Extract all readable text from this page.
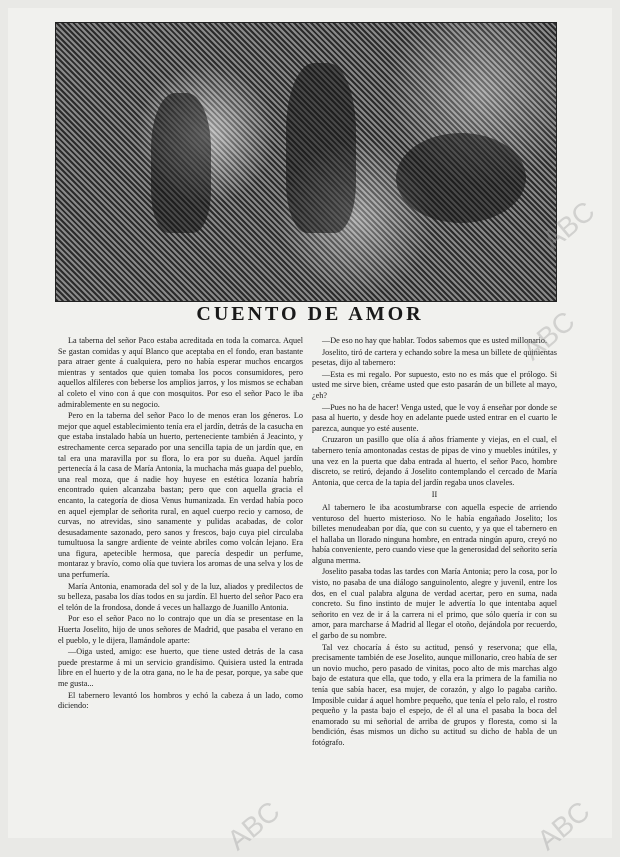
CUENTO DE AMOR

La taberna del señor Paco estaba acreditada en toda la comarca. Aquel Se gastan comidas y aquí Blanco que aceptaba en el fondo, eran bastante para atraer gente á cualquiera, pero no había esperar muchos encargos mientras y sentados que quien tomaba los pocos consumidores, pero aquellos alfileres con beberse los amplios jarros, y los mismos se echaban al coleto el vino con á que con mosquitos. Por eso el señor Paco le iba admirablemente en su negocio.

Pero en la taberna del señor Paco lo de menos eran los géneros. Lo mejor que aquel establecimiento tenía era el jardín, detrás de la casucha en que estaba instalado había un huerto, perteneciente también á Jeacinto, y estrechamente cerca separado por una sencilla tapia de un jardín que, en tal era una maravilla por su flora, lo era por su dueña. Aquel jardín pertenecía á la casa de María Antonia, la muchacha más guapa del pueblo, una real moza, que á nadie hoy huyese en estética lozanía habría encontrado quien alcanzaba bastan; pero que con aquella gracia el encanto, la categoría de diosa Venus humanizada. En verdad había poco en aquel ejemplar de señorita rural, en aquel cuerpo recio y carnoso, de curvas, no atrevidas, sino sanamente y pulidas acabadas, de color desusadamente sazonado, pero sanos y frescos, bajo cuya piel circulaba tumultuosa la sangre ardiente de veinte abriles como volcán lejano. Era una figura, apetecible hermosa, que parecía despedir un perfume, montaraz y bravío, como olía que tuviera los aromas de una selva y los de una perfumería.

María Antonia, enamorada del sol y de la luz, aliados y predilectos de su belleza, pasaba los días todos en su jardín. El huerto del señor Paco era el telón de la frondosa, donde á veces un hallazgo de Juanillo Antonia.

Por eso el señor Paco no lo contrajo que un día se presentase en la Huerta Joselito, hijo de unos señores de Madrid, que pasaba el verano en el pueblo, y le dijera, llamándole aparte:

—Oiga usted, amigo: ese huerto, que tiene usted detrás de la casa puede prestarme á mi un servicio grandísimo. Quisiera usted la entrada libre en el huerto y de la otra gana, no le ha de pesar, porque, ya sabe que me gusta...

El tabernero levantó los hombros y echó la cabeza á un lado, como diciendo:

—De eso no hay que hablar. Todos sabemos que es usted millonario.

Joselito, tiró de cartera y echando sobre la mesa un billete de quinientas pesetas, dijo al tabernero:

—Esta es mi regalo. Por supuesto, esto no es más que el prólogo. Si usted me sirve bien, créame usted que esto pasarán de un billete al mayo, ¿eh?

—Pues no ha de hacer! Venga usted, que le voy á enseñar por donde se pasa al huerto, y desde hoy en adelante puede usted entrar en el cuarto le parezca, aunque yo esté ausente.

Cruzaron un pasillo que olía á años fríamente y viejas, en el cual, el tabernero tenía amontonadas cestas de pipas de vino y muebles inútiles, y una vez en la puerta que daba entrada al huerto, el señor Paco, hombre discreto, se retiró, dejando á Joselito contemplando el cercado de María Antonia, que cerca de la tapia del jardín regaba unos claveles.

II

Al tabernero le iba acostumbrarse con aquella especie de arriendo venturoso del huerto misterioso. No le había engañado Joselito; los billetes menudeaban por día, que con su cuento, y ya que el tabernero en el hallaba un llorado ninguna hombre, en entrada ningún apuro, creyó no había conveniente, pero cuando viese que la generosidad del señorito sería alguna merma.

Joselito pasaba todas las tardes con María Antonia; pero la cosa, por lo visto, no pasaba de una diálogo sanguinolento, alegre y juvenil, entre los dos, en el cual palabra alguna de verdad acertar, pero en suma, nada concreto. Su fino instinto de mujer le advertía lo que intentaba aquel señorito en vez de ir á la carrera ni el primo, que sólo quería ir con su amor, para marcharse á Madrid al llegar el otoño, dejándola por recuerdo, el garbo de su nombre.

Tal vez chocaría á ésto su actitud, pensó y reservona; que ella, precisamente también de ese Joselito, aunque millonario, creo había de ser un novio mucho, pero pasado de vinitas, poco alto de mis marchas algo bajo de estatura que ella, que todo, y ella era la primera de la familia no tenía que sabía hacer, esa mujer, de corazón, y algo lo pagaba cariño. Imposible cuidar á aquel hombre pequeño, que tenía el pelo ralo, el rostro pequeño y la pasta bajo el espejo, de él al una el pasaba la boca del enamorado su mi señorial de arriba de grupos y floresta, como si la bendición, ésas mismos un dicho su actitud su dicho de habla de un fotógrafo.

ABC
ABC
ABC	ABC
